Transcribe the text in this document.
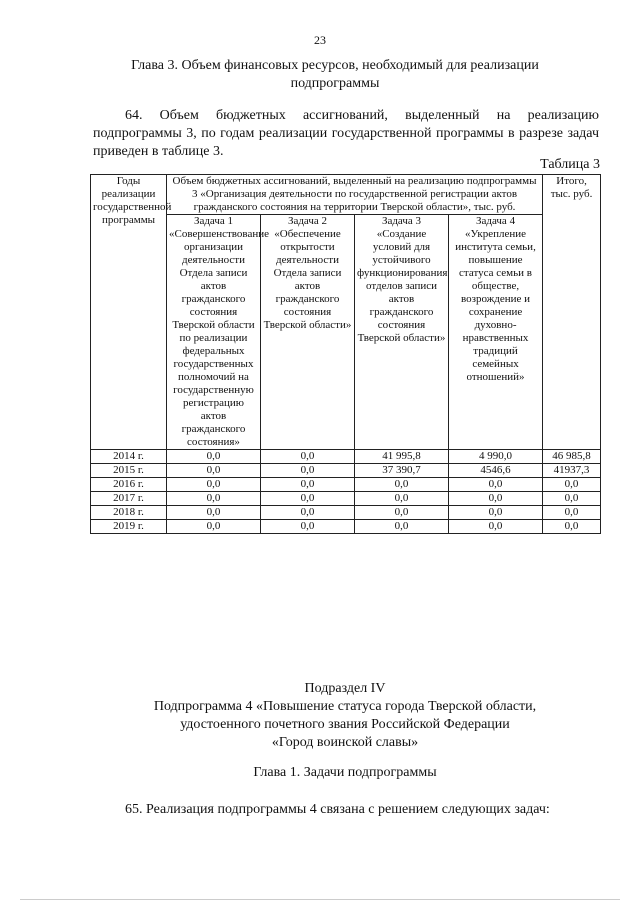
23
Глава 3. Объем финансовых ресурсов, необходимый для реализации
подпрограммы
64. Объем бюджетных ассигнований, выделенный на реализацию подпрограммы 3, по годам реализации государственной программы в разрезе задач приведен в таблице 3.
Таблица 3
Годы реализации государственной программы	Объем бюджетных ассигнований, выделенный на реализацию подпрограммы 3 «Организация деятельности по государственной регистрации актов гражданского состояния на территории Тверской области», тыс. руб.				Итого, тыс. руб.
	Задача 1 «Совершенствование организации деятельности Отдела записи актов гражданского состояния Тверской области по реализации федеральных государственных полномочий на государственную регистрацию актов гражданского состояния»	Задача 2 «Обеспечение открытости деятельности Отдела записи актов гражданского состояния Тверской области»	Задача 3 «Создание условий для устойчивого функционирования отделов записи актов гражданского состояния Тверской области»	Задача 4 «Укрепление института семьи, повышение статуса семьи в обществе, возрождение и сохранение духовно-нравственных традиций семейных отношений»	
2014 г.	0,0	0,0	41 995,8	4 990,0	46 985,8
2015 г.	0,0	0,0	37 390,7	4546,6	41937,3
2016 г.	0,0	0,0	0,0	0,0	0,0
2017 г.	0,0	0,0	0,0	0,0	0,0
2018 г.	0,0	0,0	0,0	0,0	0,0
2019 г.	0,0	0,0	0,0	0,0	0,0
Подраздел IV
Подпрограмма 4 «Повышение статуса города Тверской области,
удостоенного почетного звания Российской Федерации
«Город воинской славы»
Глава 1. Задачи подпрограммы
65. Реализация подпрограммы 4 связана с решением следующих задач:
